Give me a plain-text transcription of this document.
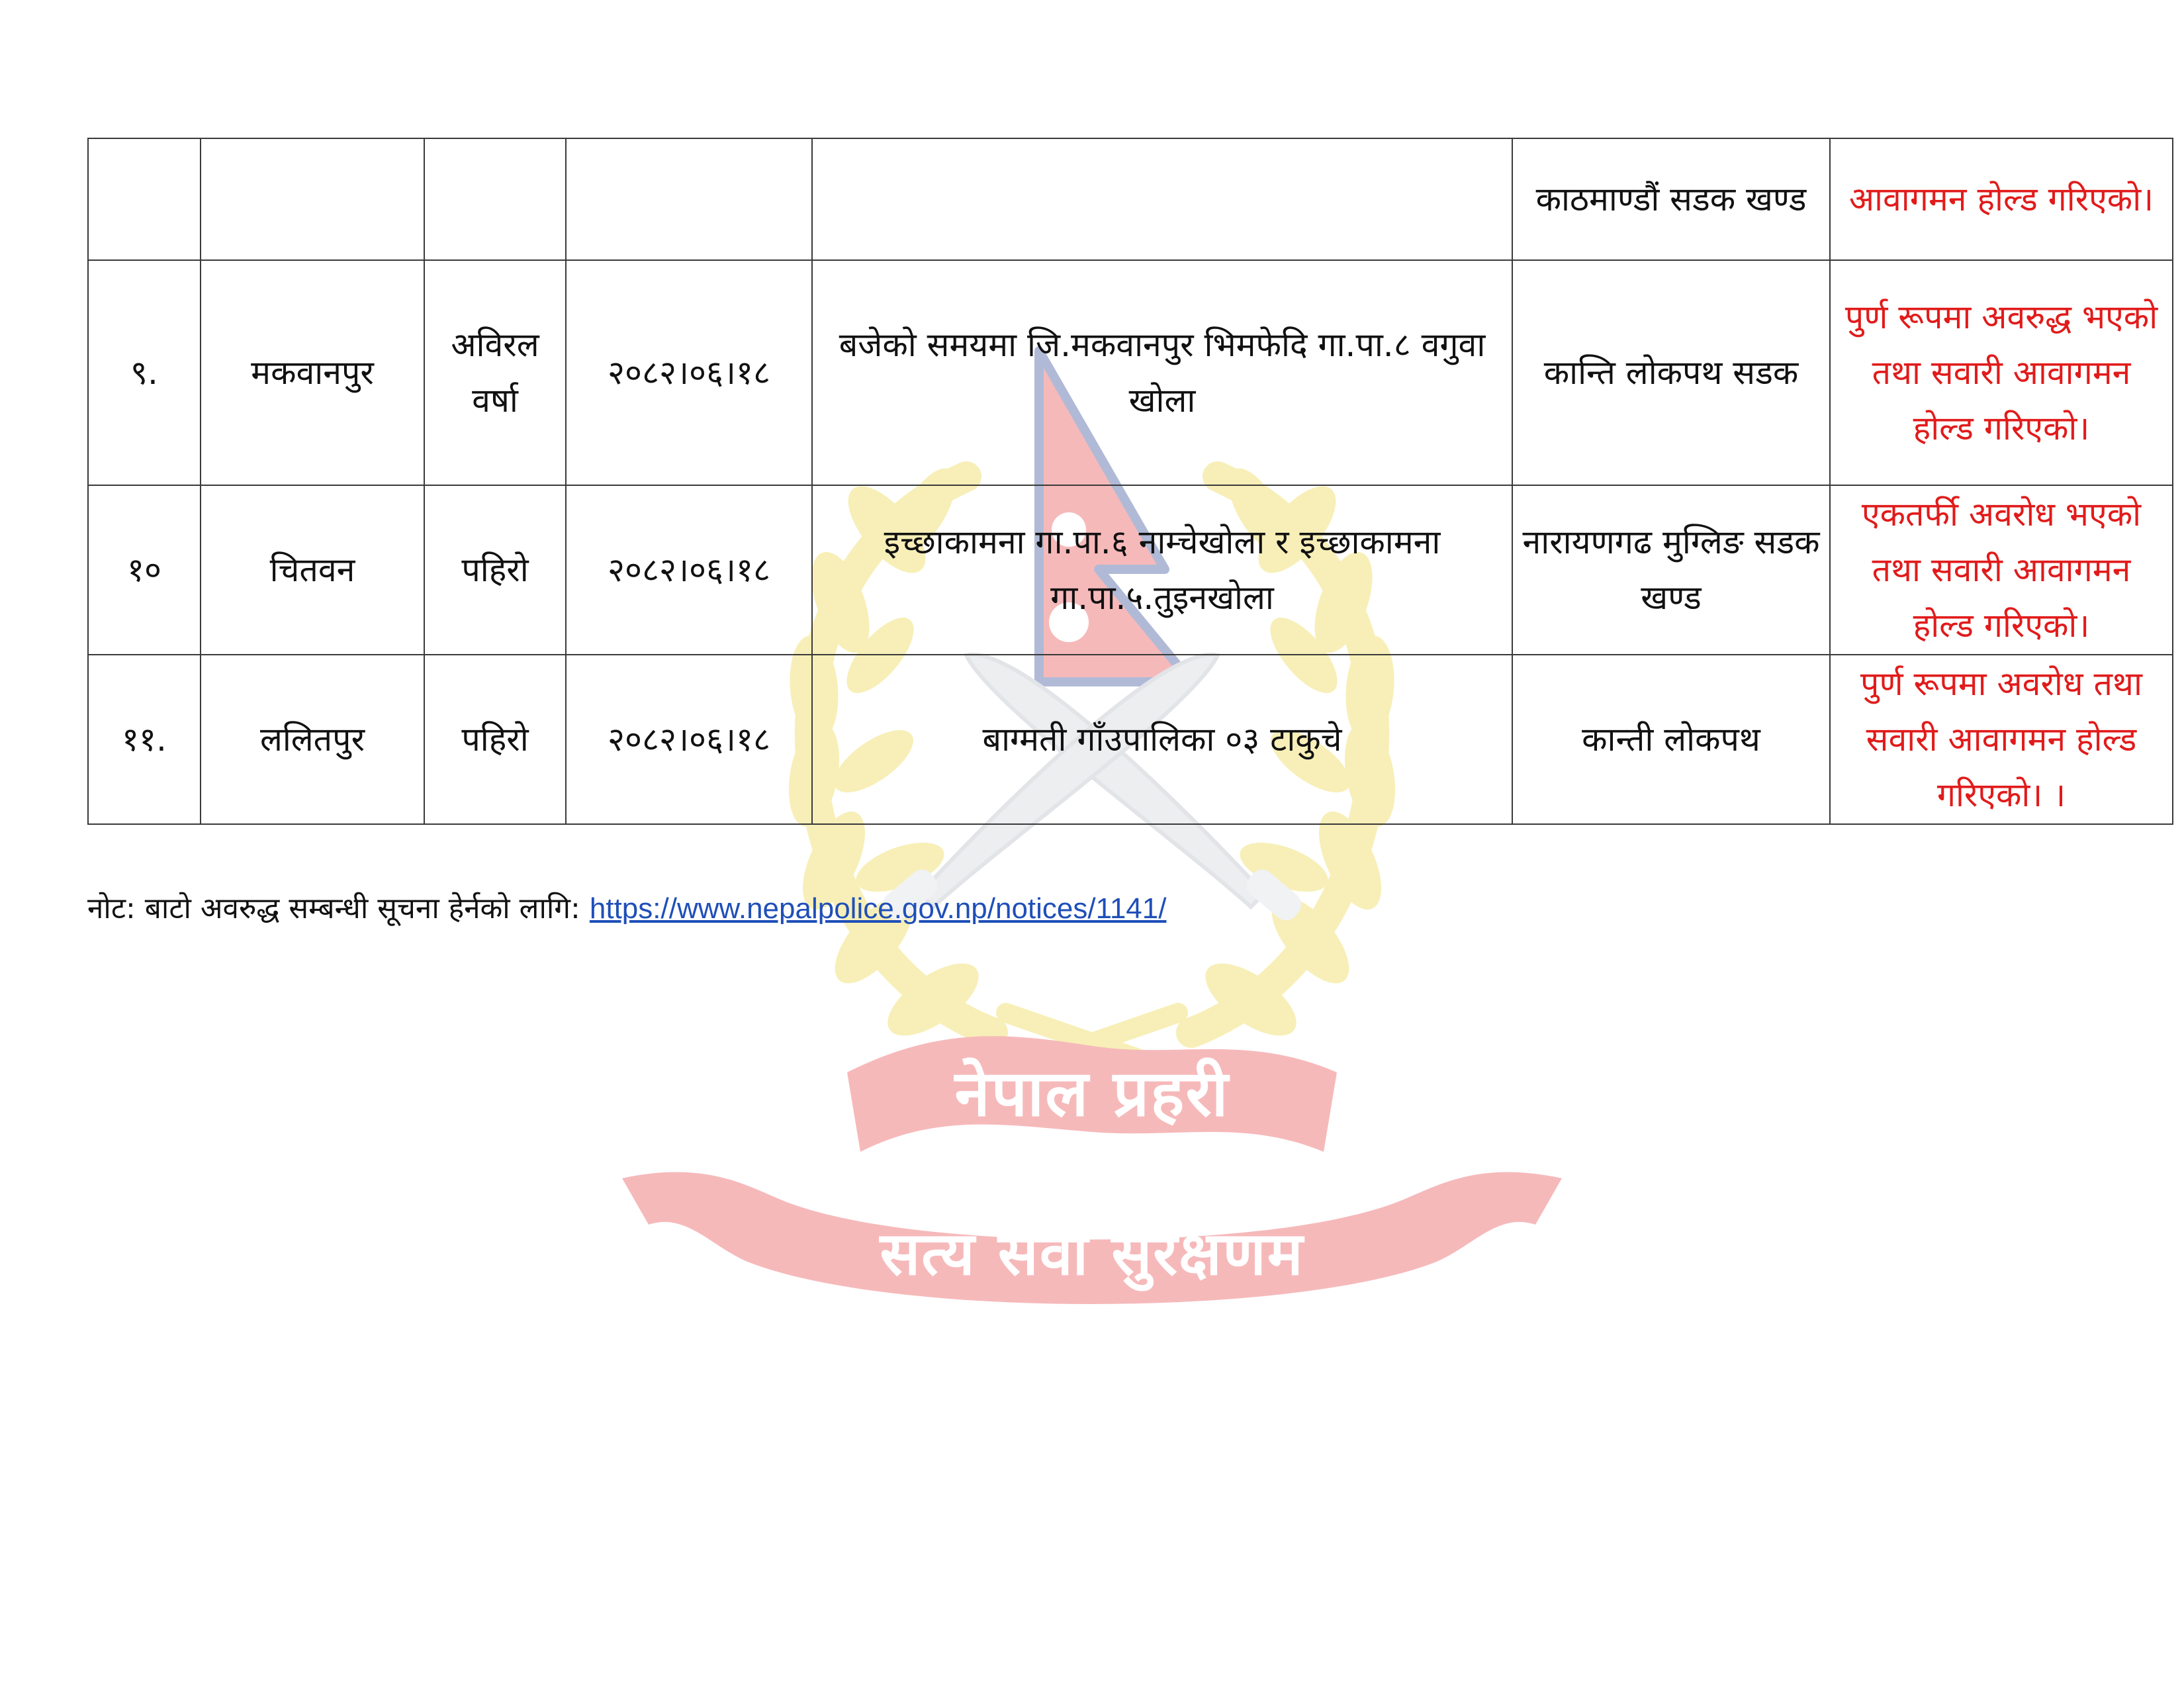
नेपाल प्रहरी
सत्य सेवा सुरक्षणम

					काठमाण्डौं सडक खण्ड	आवागमन होल्ड गरिएको।

९.	मकवानपुर	अविरल वर्षा	२०८२।०६।१८	बजेको समयमा जि.मकवानपुर भिमफेदि गा.पा.८ वगुवा खोला	कान्ति लोकपथ सडक	पुर्ण रूपमा अवरुद्ध भएको तथा सवारी आवागमन होल्ड गरिएको।

१०	चितवन	पहिरो	२०८२।०६।१८	इच्छाकामना गा.पा.६ नाम्चेखोला र इच्छाकामना गा.पा.५.तुइनखोला	नारायणगढ मुग्लिङ सडक खण्ड	एकतर्फी अवरोध भएको तथा सवारी आवागमन होल्ड गरिएको।

११.	ललितपुर	पहिरो	२०८२।०६।१८	बाग्मती गाँउपालिका ०३ टाकुचे	कान्ती लोकपथ	पुर्ण रूपमा अवरोध तथा सवारी आवागमन होल्ड गरिएको। ।
नोट: बाटो अवरुद्ध सम्बन्धी सूचना हेर्नको लागि: https://www.nepalpolice.gov.np/notices/1141/
